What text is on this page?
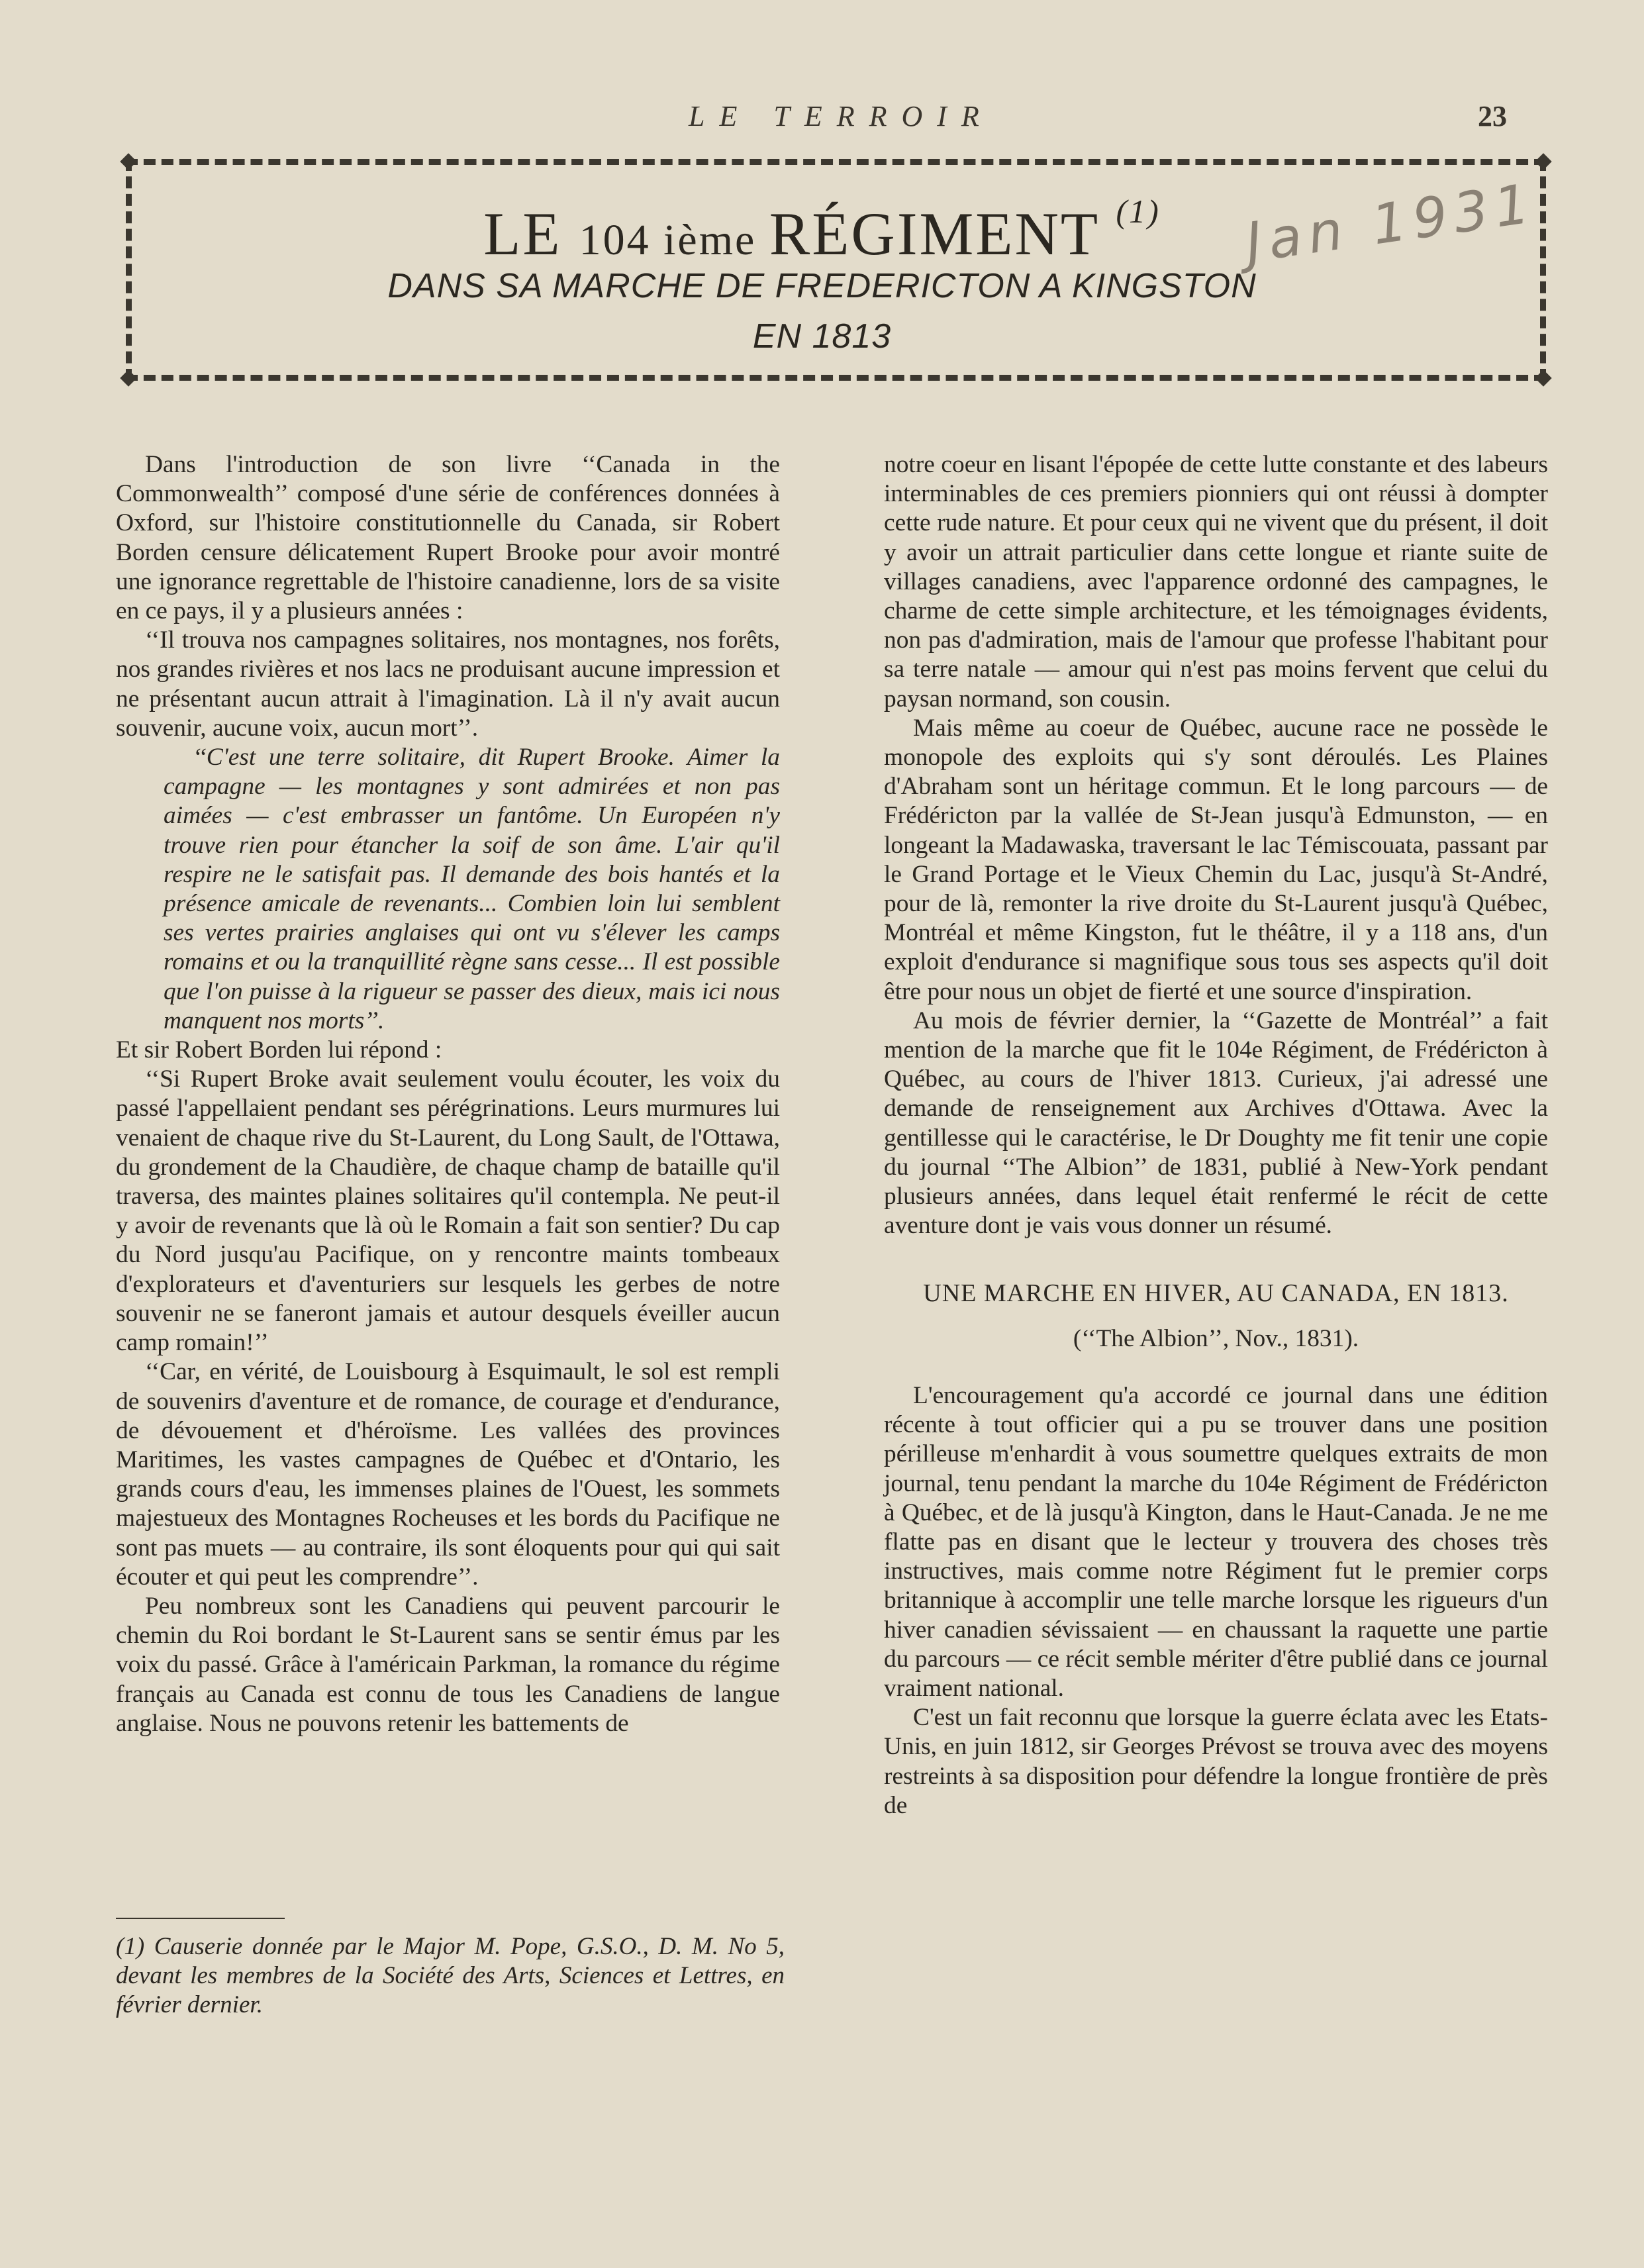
LE TERROIR	23
LE 104 ième RÉGIMENT $^{(1)}$	Jan 1931
DANS SA MARCHE DE FREDERICTON A KINGSTON
EN 1813

Dans l'introduction de son livre ‘‘Canada in the Commonwealth’’ composé d'une série de conférences données à Oxford, sur l'histoire constitutionnelle du Canada, sir Robert Borden censure délicatement Rupert Brooke pour avoir montré une ignorance regrettable de l'histoire canadienne, lors de sa visite en ce pays, il y a plusieurs années :

‘‘Il trouva nos campagnes solitaires, nos montagnes, nos forêts, nos grandes rivières et nos lacs ne produisant aucune impression et ne présentant aucun attrait à l'imagination. Là il n'y avait aucun souvenir, aucune voix, aucun mort’’.

‘‘C'est une terre solitaire, dit Rupert Brooke. Aimer la campagne — les montagnes y sont admirées et non pas aimées — c'est embrasser un fantôme. Un Européen n'y trouve rien pour étancher la soif de son âme. L'air qu'il respire ne le satisfait pas. Il demande des bois hantés et la présence amicale de revenants... Combien loin lui semblent ses vertes prairies anglaises qui ont vu s'élever les camps romains et ou la tranquillité règne sans cesse... Il est possible que l'on puisse à la rigueur se passer des dieux, mais ici nous manquent nos morts’’.

Et sir Robert Borden lui répond :

‘‘Si Rupert Broke avait seulement voulu écouter, les voix du passé l'appellaient pendant ses pérégrinations. Leurs murmures lui venaient de chaque rive du St-Laurent, du Long Sault, de l'Ottawa, du grondement de la Chaudière, de chaque champ de bataille qu'il traversa, des maintes plaines solitaires qu'il contempla. Ne peut-il y avoir de revenants que là où le Romain a fait son sentier? Du cap du Nord jusqu'au Pacifique, on y rencontre maints tombeaux d'explorateurs et d'aventuriers sur lesquels les gerbes de notre souvenir ne se faneront jamais et autour desquels éveiller aucun camp romain!’’

‘‘Car, en vérité, de Louisbourg à Esquimault, le sol est rempli de souvenirs d'aventure et de romance, de courage et d'endurance, de dévouement et d'héroïsme. Les vallées des provinces Maritimes, les vastes campagnes de Québec et d'Ontario, les grands cours d'eau, les immenses plaines de l'Ouest, les sommets majestueux des Montagnes Rocheuses et les bords du Pacifique ne sont pas muets — au contraire, ils sont éloquents pour qui qui sait écouter et qui peut les comprendre’’.

Peu nombreux sont les Canadiens qui peuvent parcourir le chemin du Roi bordant le St-Laurent sans se sentir émus par les voix du passé. Grâce à l'américain Parkman, la romance du régime français au Canada est connu de tous les Canadiens de langue anglaise. Nous ne pouvons retenir les battements de

notre coeur en lisant l'épopée de cette lutte constante et des labeurs interminables de ces premiers pionniers qui ont réussi à dompter cette rude nature. Et pour ceux qui ne vivent que du présent, il doit y avoir un attrait particulier dans cette longue et riante suite de villages canadiens, avec l'apparence ordonné des campagnes, le charme de cette simple architecture, et les témoignages évidents, non pas d'admiration, mais de l'amour que professe l'habitant pour sa terre natale — amour qui n'est pas moins fervent que celui du paysan normand, son cousin.

Mais même au coeur de Québec, aucune race ne possède le monopole des exploits qui s'y sont déroulés. Les Plaines d'Abraham sont un héritage commun. Et le long parcours — de Frédéricton par la vallée de St-Jean jusqu'à Edmunston, — en longeant la Madawaska, traversant le lac Témiscouata, passant par le Grand Portage et le Vieux Chemin du Lac, jusqu'à St-André, pour de là, remonter la rive droite du St-Laurent jusqu'à Québec, Montréal et même Kingston, fut le théâtre, il y a 118 ans, d'un exploit d'endurance si magnifique sous tous ses aspects qu'il doit être pour nous un objet de fierté et une source d'inspiration.

Au mois de février dernier, la ‘‘Gazette de Montréal’’ a fait mention de la marche que fit le 104e Régiment, de Frédéricton à Québec, au cours de l'hiver 1813. Curieux, j'ai adressé une demande de renseignement aux Archives d'Ottawa. Avec la gentillesse qui le caractérise, le Dr Doughty me fit tenir une copie du journal ‘‘The Albion’’ de 1831, publié à New-York pendant plusieurs années, dans lequel était renfermé le récit de cette aventure dont je vais vous donner un résumé.

UNE MARCHE EN HIVER, AU CANADA, EN 1813.

(‘‘The Albion’’, Nov., 1831).

L'encouragement qu'a accordé ce journal dans une édition récente à tout officier qui a pu se trouver dans une position périlleuse m'enhardit à vous soumettre quelques extraits de mon journal, tenu pendant la marche du 104e Régiment de Frédéricton à Québec, et de là jusqu'à Kington, dans le Haut-Canada. Je ne me flatte pas en disant que le lecteur y trouvera des choses très instructives, mais comme notre Régiment fut le premier corps britannique à accomplir une telle marche lorsque les rigueurs d'un hiver canadien sévissaient — en chaussant la raquette une partie du parcours — ce récit semble mériter d'être publié dans ce journal vraiment national.

C'est un fait reconnu que lorsque la guerre éclata avec les Etats-Unis, en juin 1812, sir Georges Prévost se trouva avec des moyens restreints à sa disposition pour défendre la longue frontière de près de

(1) Causerie donnée par le Major M. Pope, G.S.O., D. M. No 5, devant les membres de la Société des Arts, Sciences et Lettres, en février dernier.
